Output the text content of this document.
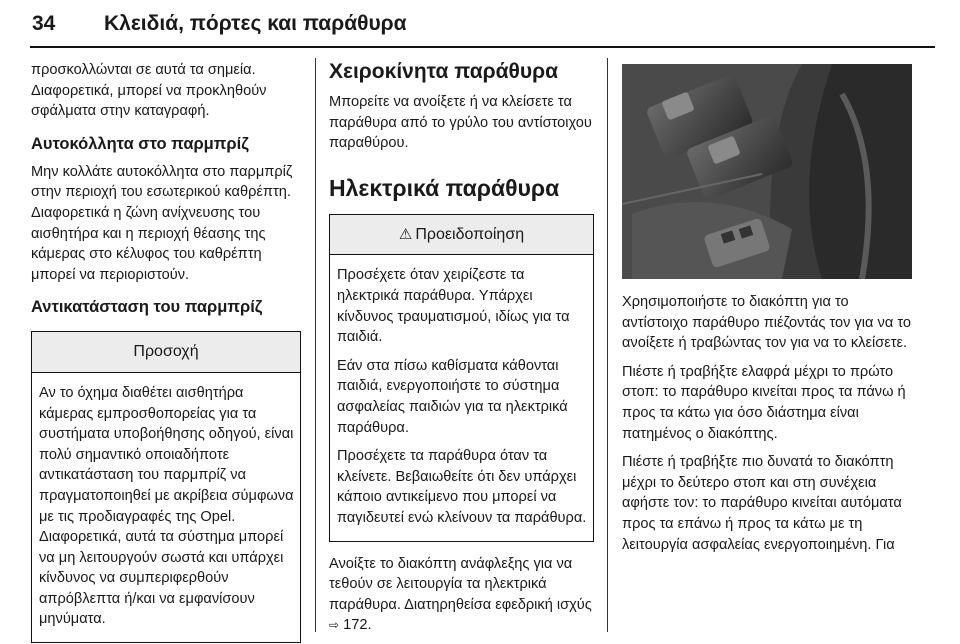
34 Κλειδιά, πόρτες και παράθυρα

προσκολλώνται σε αυτά τα σημεία. Διαφορετικά, μπορεί να προκληθούν σφάλματα στην καταγραφή.

Αυτοκόλλητα στο παρμπρίζ

Μην κολλάτε αυτοκόλλητα στο παρμπρίζ στην περιοχή του εσωτερικού καθρέπτη. Διαφορετικά η ζώνη ανίχνευσης του αισθητήρα και η περιοχή θέασης της κάμερας στο κέλυφος του καθρέπτη μπορεί να περιοριστούν.

Αντικατάσταση του παρμπρίζ
Προσοχή

Αν το όχημα διαθέτει αισθητήρα κάμερας εμπροσθοπορείας για τα συστήματα υποβοήθησης οδηγού, είναι πολύ σημαντικό οποιαδήποτε αντικατάσταση του παρμπρίζ να πραγματοποιηθεί με ακρίβεια σύμφωνα με τις προδιαγραφές της Opel. Διαφορετικά, αυτά τα σύστημα μπορεί να μη λειτουργούν σωστά και υπάρχει κίνδυνος να συμπεριφερθούν απρόβλεπτα ή/και να εμφανίσουν μηνύματα.

Χειροκίνητα παράθυρα

Μπορείτε να ανοίξετε ή να κλείσετε τα παράθυρα από το γρύλο του αντίστοιχου παραθύρου.

Ηλεκτρικά παράθυρα
⚠ Προειδοποίηση

Προσέχετε όταν χειρίζεστε τα ηλεκτρικά παράθυρα. Υπάρχει κίνδυνος τραυματισμού, ιδίως για τα παιδιά.

Εάν στα πίσω καθίσματα κάθονται παιδιά, ενεργοποιήστε το σύστημα ασφαλείας παιδιών για τα ηλεκτρικά παράθυρα.

Προσέχετε τα παράθυρα όταν τα κλείνετε. Βεβαιωθείτε ότι δεν υπάρχει κάποιο αντικείμενο που μπορεί να παγιδευτεί ενώ κλείνουν τα παράθυρα.

Ανοίξτε το διακόπτη ανάφλεξης για να τεθούν σε λειτουργία τα ηλεκτρικά παράθυρα. Διατηρηθείσα εφεδρική ισχύς ⇨ 172.

Χρησιμοποιήστε το διακόπτη για το αντίστοιχο παράθυρο πιέζοντάς τον για να το ανοίξετε ή τραβώντας τον για να το κλείσετε.

Πιέστε ή τραβήξτε ελαφρά μέχρι το πρώτο στοπ: το παράθυρο κινείται προς τα πάνω ή προς τα κάτω για όσο διάστημα είναι πατημένος ο διακόπτης.

Πιέστε ή τραβήξτε πιο δυνατά το διακόπτη μέχρι το δεύτερο στοπ και στη συνέχεια αφήστε τον: το παράθυρο κινείται αυτόματα προς τα επάνω ή προς τα κάτω με τη λειτουργία ασφαλείας ενεργοποιημένη. Για
